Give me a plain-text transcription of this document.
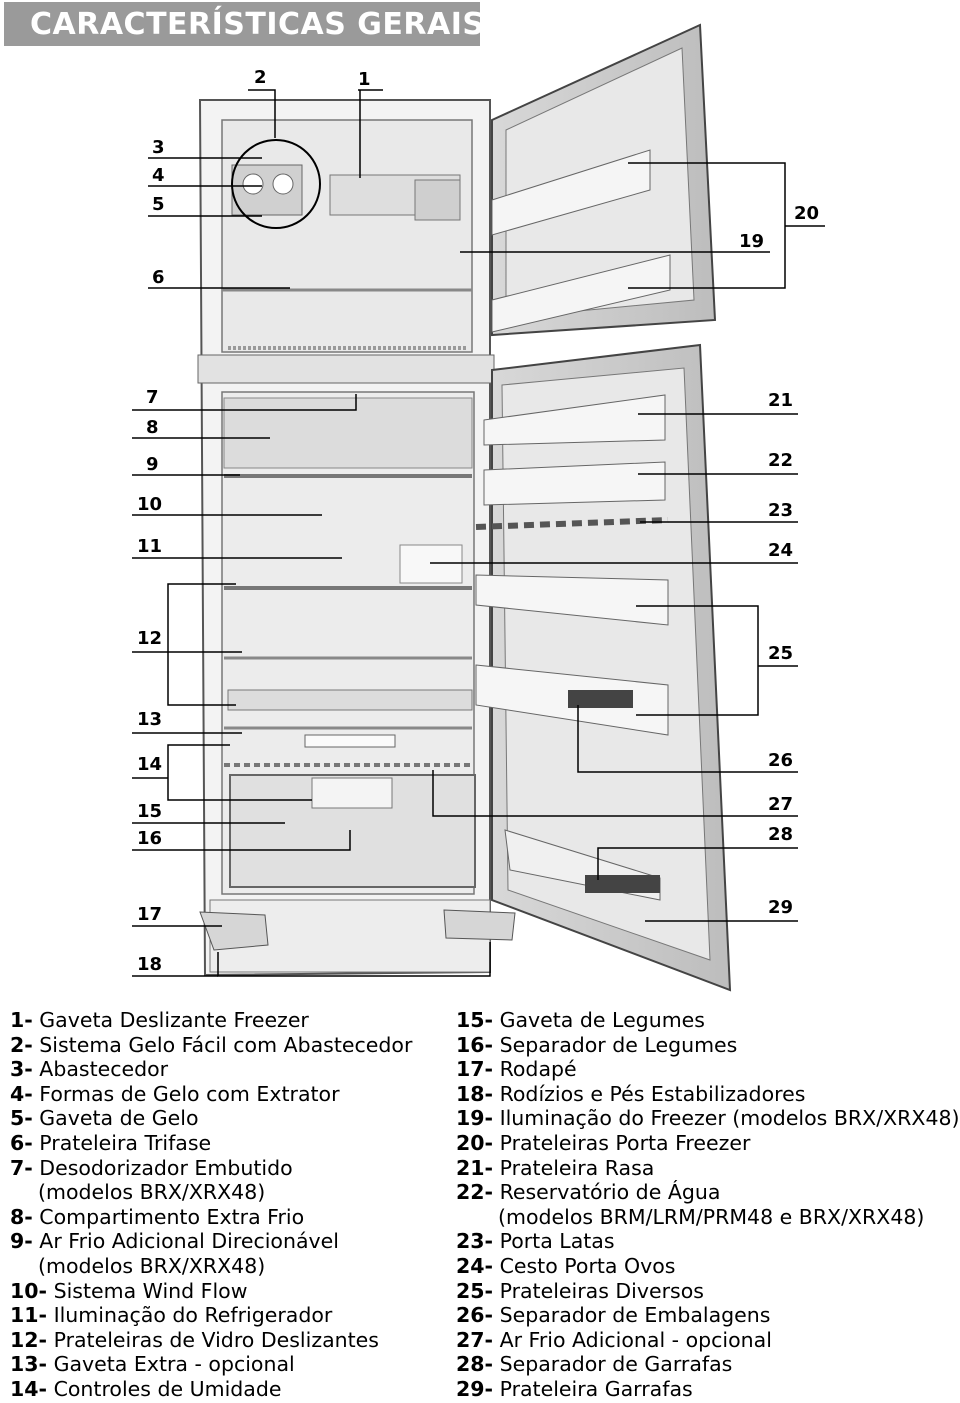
CARACTERÍSTICAS GERAIS
2	1
3
4
5
6
20
19
7
8
9
10
11
12
13
14
15
16
17
18
21
22
23
24
25
26
27
28
29
1- Gaveta Deslizante Freezer
2- Sistema Gelo Fácil com Abastecedor
3- Abastecedor
4- Formas de Gelo com Extrator
5- Gaveta de Gelo
6- Prateleira Trifase
7- Desodorizador Embutido
(modelos BRX/XRX48)
8- Compartimento Extra Frio
9- Ar Frio Adicional Direcionável
(modelos BRX/XRX48)
10- Sistema Wind Flow
11- Iluminação do Refrigerador
12- Prateleiras de Vidro Deslizantes
13- Gaveta Extra - opcional
14- Controles de Umidade
15- Gaveta de Legumes
16- Separador de Legumes
17- Rodapé
18- Rodízios e Pés Estabilizadores
19- Iluminação do Freezer (modelos BRX/XRX48)
20- Prateleiras Porta Freezer
21- Prateleira Rasa
22- Reservatório de Água
(modelos BRM/LRM/PRM48 e BRX/XRX48)
23- Porta Latas
24- Cesto Porta Ovos
25- Prateleiras Diversos
26- Separador de Embalagens
27- Ar Frio Adicional - opcional
28- Separador de Garrafas
29- Prateleira Garrafas
